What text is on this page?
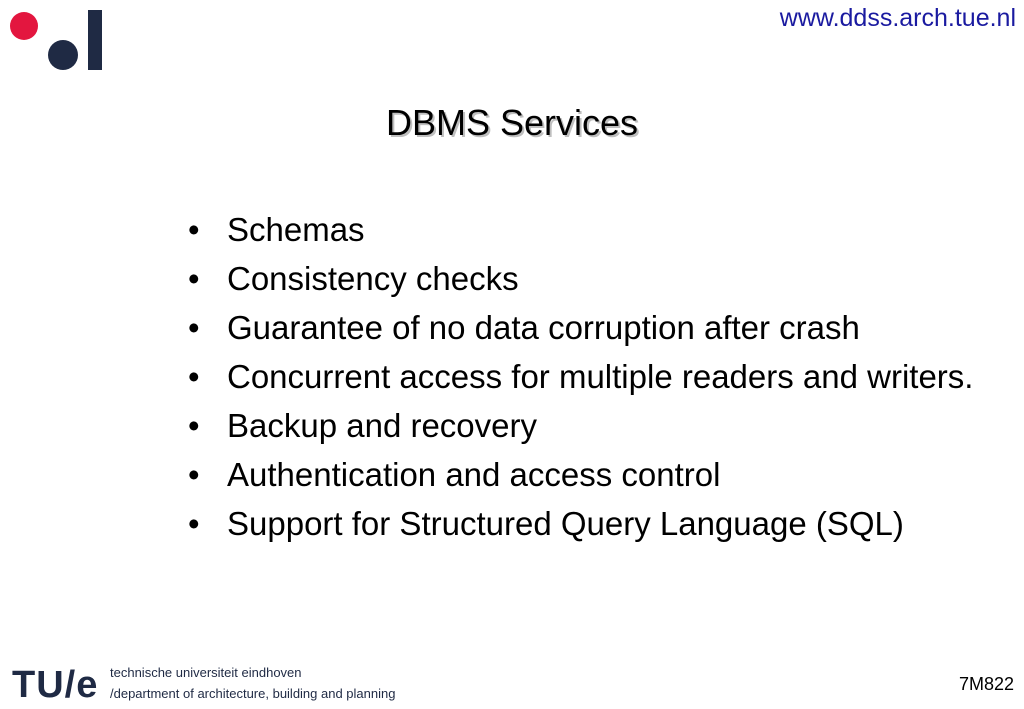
www.ddss.arch.tue.nl
DBMS Services
• Schemas
• Consistency checks
• Guarantee of no data corruption after crash
• Concurrent access for multiple readers and writers.
• Backup and recovery
• Authentication and access control
• Support for Structured Query Language (SQL)
TU/e technische universiteit eindhoven
/department of architecture, building and planning	7M822
